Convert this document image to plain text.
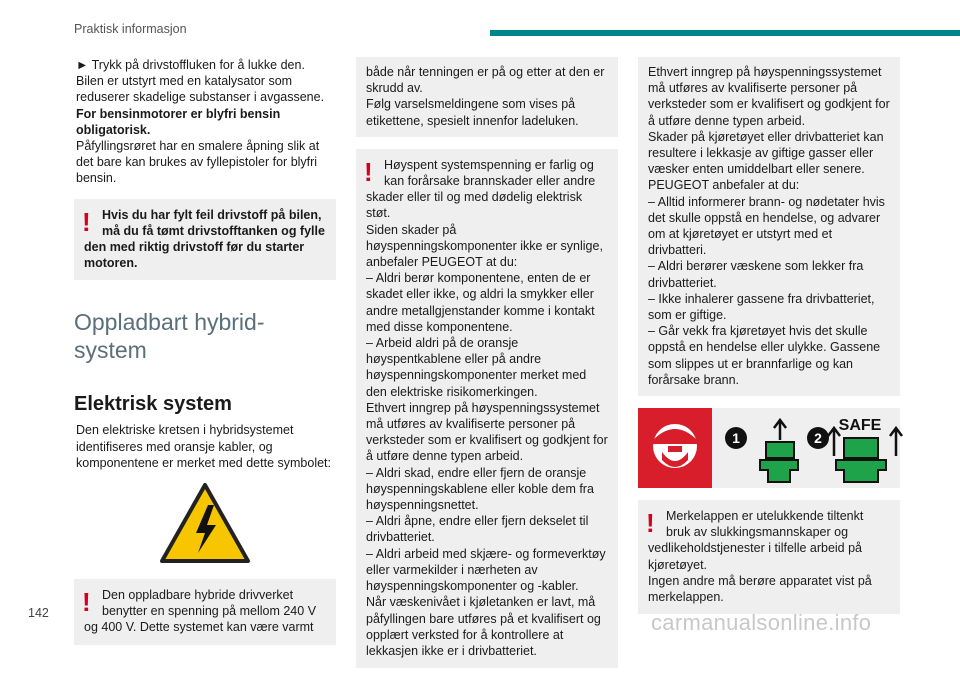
Praktisk informasjon
► Trykk på drivstoffluken for å lukke den.
Bilen er utstyrt med en katalysator som
reduserer skadelige substanser i avgassene.
For bensinmotorer er blyfri bensin obligatorisk.
Påfyllingsrøret har en smalere åpning slik at det bare kan brukes av fyllepistoler for blyfri bensin.
! Hvis du har fylt feil drivstoff på bilen, må du få tømt drivstofftanken og fylle den med riktig drivstoff før du starter motoren.
Oppladbart hybrid-system
Elektrisk system
Den elektriske kretsen i hybridsystemet identifiseres med oransje kabler, og komponentene er merket med dette symbolet:
! Den oppladbare hybride drivverket benytter en spenning på mellom 240 V og 400 V. Dette systemet kan være varmt
både når tenningen er på og etter at den er skrudd av.
Følg varselsmeldingene som vises på etikettene, spesielt innenfor ladeluken.
! Høyspent systemspenning er farlig og kan forårsake brannskader eller andre skader eller til og med dødelig elektrisk støt.
Siden skader på høyspenningskomponenter ikke er synlige, anbefaler PEUGEOT at du:
– Aldri berør komponentene, enten de er skadet eller ikke, og aldri la smykker eller andre metallgjenstander komme i kontakt med disse komponentene.
– Arbeid aldri på de oransje høyspentkablene eller på andre høyspenningskomponenter merket med den elektriske risikomerkingen.
Ethvert inngrep på høyspenningssystemet må utføres av kvalifiserte personer på verksteder som er kvalifisert og godkjent for å utføre denne typen arbeid.
– Aldri skad, endre eller fjern de oransje høyspenningskablene eller koble dem fra høyspenningsnettet.
– Aldri åpne, endre eller fjern dekselet til drivbatteriet.
– Aldri arbeid med skjære- og formeverktøy eller varmekilder i nærheten av høyspenningskomponenter og -kabler.
Når væskenivået i kjøletanken er lavt, må påfyllingen bare utføres på et kvalifisert og opplært verksted for å kontrollere at lekkasjen ikke er i drivbatteriet.
Ethvert inngrep på høyspenningssystemet må utføres av kvalifiserte personer på verksteder som er kvalifisert og godkjent for å utføre denne typen arbeid.
Skader på kjøretøyet eller drivbatteriet kan resultere i lekkasje av giftige gasser eller væsker enten umiddelbart eller senere.
PEUGEOT anbefaler at du:
– Alltid informerer brann- og nødetater hvis det skulle oppstå en hendelse, og advarer om at kjøretøyet er utstyrt med et drivbatteri.
– Aldri berører væskene som lekker fra drivbatteriet.
– Ikke inhalerer gassene fra drivbatteriet, som er giftige.
– Går vekk fra kjøretøyet hvis det skulle oppstå en hendelse eller ulykke. Gassene som slippes ut er brannfarlige og kan forårsake brann.
1	2
SAFE
! Merkelappen er utelukkende tiltenkt bruk av slukkingsmannskaper og vedlikeholdstjenester i tilfelle arbeid på kjøretøyet.
Ingen andre må berøre apparatet vist på merkelappen.
142	carmanualsonline.info
